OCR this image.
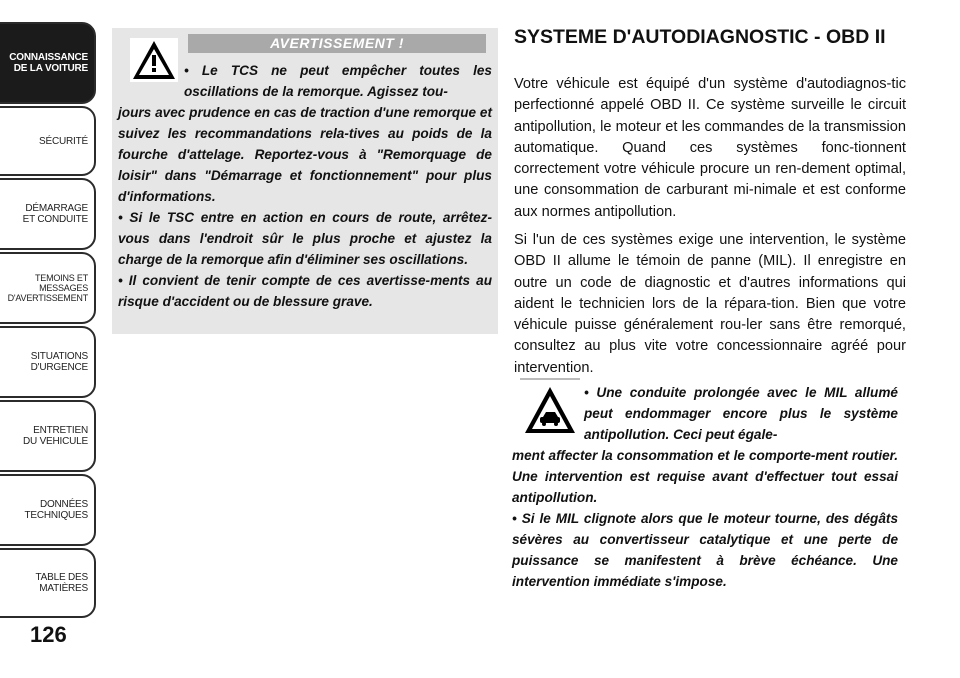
CONNAISSANCE
DE LA VOITURE
SÉCURITÉ
DÉMARRAGE
ET CONDUITE
TEMOINS ET
MESSAGES
D'AVERTISSEMENT
SITUATIONS
D'URGENCE
ENTRETIEN
DU VEHICULE
DONNÉES
TECHNIQUES
TABLE DES
MATIÈRES
126
AVERTISSEMENT !

• Le TCS ne peut empêcher toutes les oscillations de la remorque. Agissez tou-
jours avec prudence en cas de traction d'une remorque et suivez les recommandations rela-tives au poids de la fourche d'attelage. Reportez-vous à "Remorquage de loisir" dans "Démarrage et fonctionnement" pour plus d'informations.

• Si le TSC entre en action en cours de route, arrêtez-vous dans l'endroit sûr le plus proche et ajustez la charge de la remorque afin d'éliminer ses oscillations.

• Il convient de tenir compte de ces avertisse-ments au risque d'accident ou de blessure grave.

SYSTEME D'AUTODIAGNOSTIC - OBD II

Votre véhicule est équipé d'un système d'autodiagnos-tic perfectionné appelé OBD II. Ce système surveille le circuit antipollution, le moteur et les commandes de la transmission automatique. Quand ces systèmes fonc-tionnent correctement votre véhicule procure un ren-dement optimal, une consommation de carburant mi-nimale et est conforme aux normes antipollution.

Si l'un de ces systèmes exige une intervention, le système OBD II allume le témoin de panne (MIL). Il enregistre en outre un code de diagnostic et d'autres informations qui aident le technicien lors de la répara-tion. Bien que votre véhicule puisse généralement rou-ler sans être remorqué, consultez au plus vite votre concessionnaire agréé pour intervention.

• Une conduite prolongée avec le MIL allumé peut endommager encore plus le système antipollution. Ceci peut égale-
ment affecter la consommation et le comporte-ment routier. Une intervention est requise avant d'effectuer tout essai antipollution.

• Si le MIL clignote alors que le moteur tourne, des dégâts sévères au convertisseur catalytique et une perte de puissance se manifestent à brève échéance. Une intervention immédiate s'impose.
